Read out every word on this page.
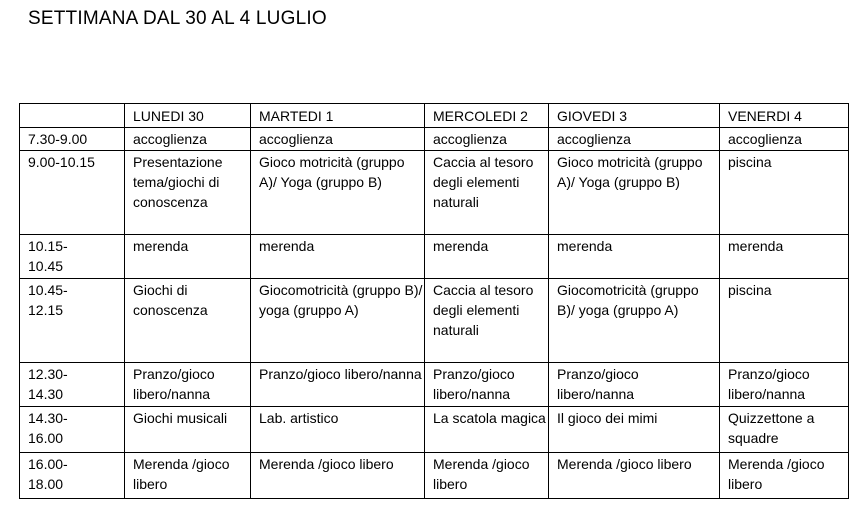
SETTIMANA DAL 30 AL 4 LUGLIO
	LUNEDI 30	MARTEDI 1	MERCOLEDI 2	GIOVEDI 3	VENERDI 4
7.30-9.00	accoglienza	accoglienza	accoglienza	accoglienza	accoglienza
9.00-10.15	Presentazione tema/giochi di conoscenza	Gioco motricità (gruppo A)/ Yoga (gruppo B)	Caccia al tesoro degli elementi naturali	Gioco motricità (gruppo A)/ Yoga (gruppo B)	piscina
10.15-10.45	merenda	merenda	merenda	merenda	merenda
10.45-12.15	Giochi di conoscenza	Giocomotricità (gruppo B)/ yoga (gruppo A)	Caccia al tesoro degli elementi naturali	Giocomotricità (gruppo B)/ yoga (gruppo A)	piscina
12.30-14.30	Pranzo/gioco libero/nanna	Pranzo/gioco libero/nanna	Pranzo/gioco libero/nanna	Pranzo/gioco libero/nanna	Pranzo/gioco libero/nanna
14.30-16.00	Giochi musicali	Lab. artistico	La scatola magica	Il gioco dei mimi	Quizzettone a squadre
16.00-18.00	Merenda /gioco libero	Merenda /gioco libero	Merenda /gioco libero	Merenda /gioco libero	Merenda /gioco libero
